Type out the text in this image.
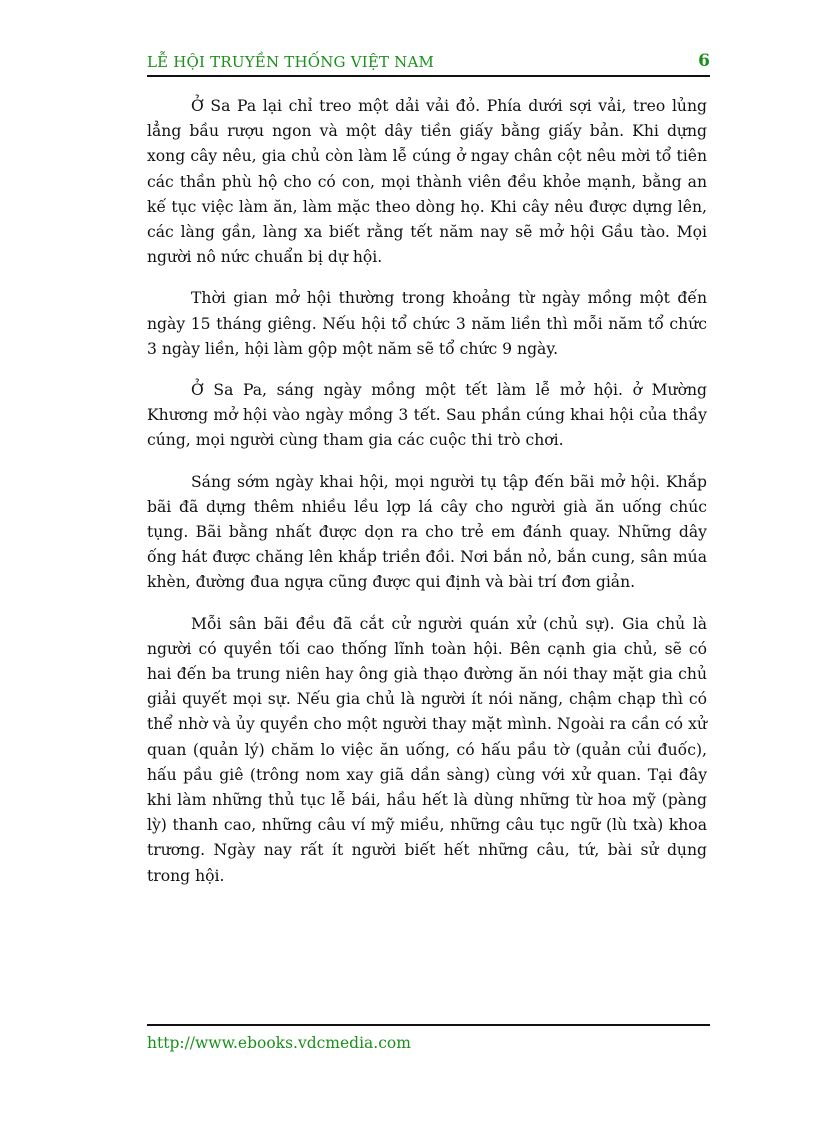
LỄ HỘI TRUYỀN THỐNG VIỆT NAM	6

Ở Sa Pa lại chỉ treo một dải vải đỏ. Phía dưới sợi vải, treo lủng lẳng bầu rượu ngon và một dây tiền giấy bằng giấy bản. Khi dựng xong cây nêu, gia chủ còn làm lễ cúng ở ngay chân cột nêu mời tổ tiên các thần phù hộ cho có con, mọi thành viên đều khỏe mạnh, bằng an kế tục việc làm ăn, làm mặc theo dòng họ. Khi cây nêu được dựng lên, các làng gần, làng xa biết rằng tết năm nay sẽ mở hội Gầu tào. Mọi người nô nức chuẩn bị dự hội.

Thời gian mở hội thường trong khoảng từ ngày mồng một đến ngày 15 tháng giêng. Nếu hội tổ chức 3 năm liền thì mỗi năm tổ chức 3 ngày liền, hội làm gộp một năm sẽ tổ chức 9 ngày.

Ở Sa Pa, sáng ngày mồng một tết làm lễ mở hội. ở Mường Khương mở hội vào ngày mồng 3 tết. Sau phần cúng khai hội của thầy cúng, mọi người cùng tham gia các cuộc thi trò chơi.

Sáng sớm ngày khai hội, mọi người tụ tập đến bãi mở hội. Khắp bãi đã dựng thêm nhiều lều lợp lá cây cho người già ăn uống chúc tụng. Bãi bằng nhất được dọn ra cho trẻ em đánh quay. Những dây ống hát được chăng lên khắp triền đồi. Nơi bắn nỏ, bắn cung, sân múa khèn, đường đua ngựa cũng được qui định và bài trí đơn giản.

Mỗi sân bãi đều đã cắt cử người quán xử (chủ sự). Gia chủ là người có quyền tối cao thống lĩnh toàn hội. Bên cạnh gia chủ, sẽ có hai đến ba trung niên hay ông già thạo đường ăn nói thay mặt gia chủ giải quyết mọi sự. Nếu gia chủ là người ít nói năng, chậm chạp thì có thể nhờ và ủy quyền cho một người thay mặt mình. Ngoài ra cần có xử quan (quản lý) chăm lo việc ăn uống, có hấu pầu tờ (quản củi đuốc), hấu pầu giê (trông nom xay giã dần sàng) cùng với xử quan. Tại đây khi làm những thủ tục lễ bái, hầu hết là dùng những từ hoa mỹ (pàng lỳ) thanh cao, những câu ví mỹ miều, những câu tục ngữ (lù txà) khoa trương. Ngày nay rất ít người biết hết những câu, tứ, bài sử dụng trong hội.

http://www.ebooks.vdcmedia.com
